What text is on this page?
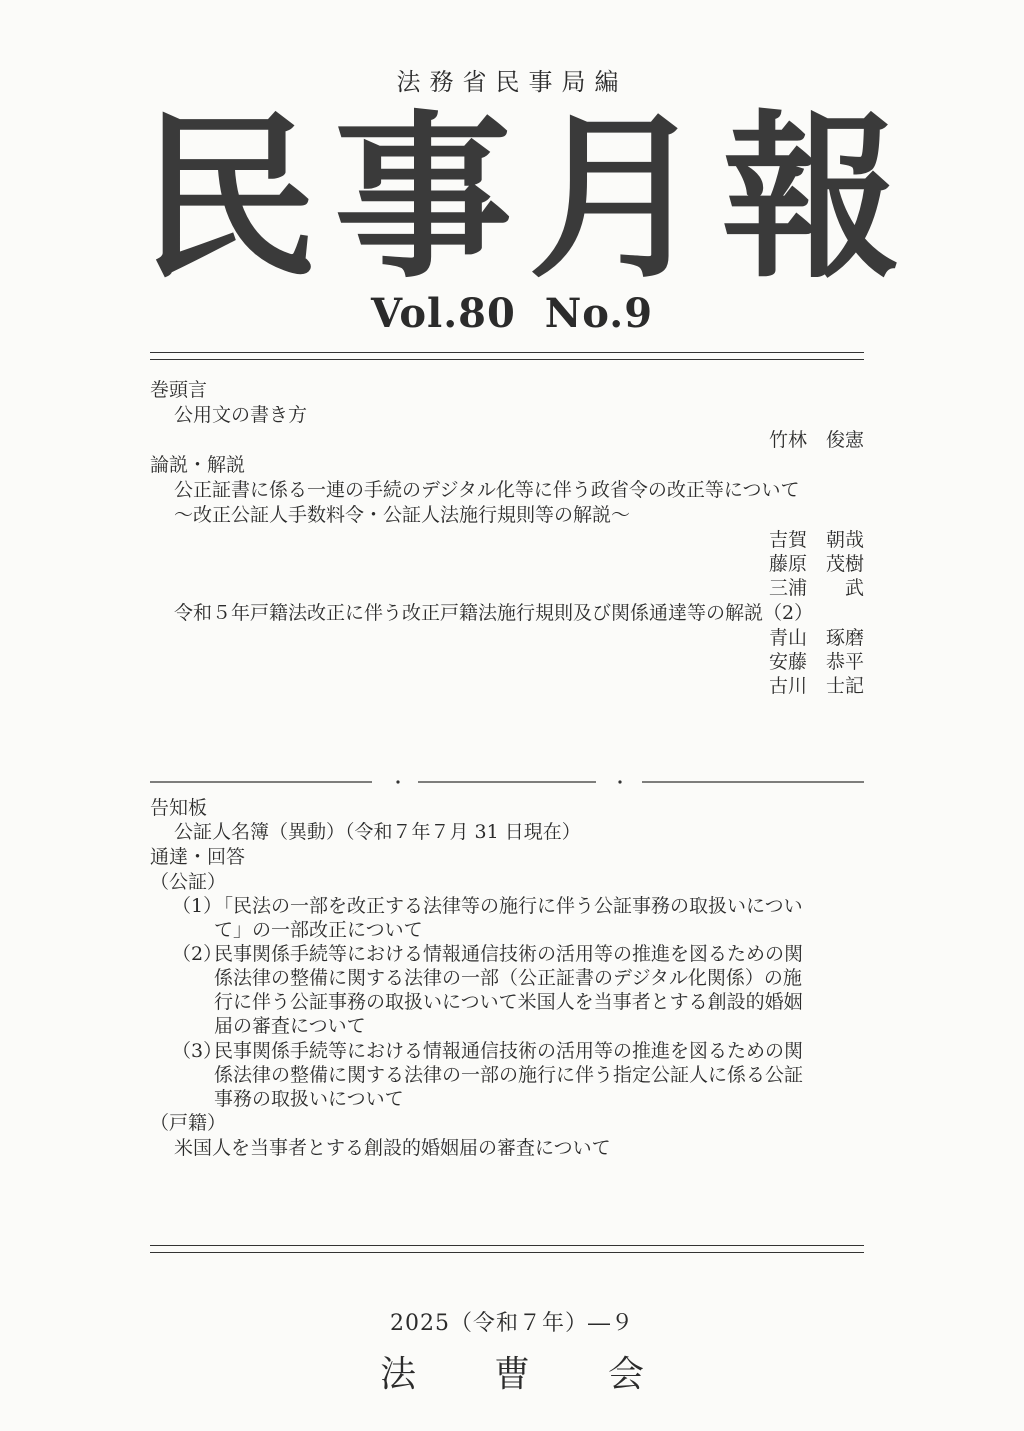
法務省民事局編
民 事 月 報
Vol.80 No.9
巻頭言
公用文の書き方
竹林　俊憲
論説・解説
公正証書に係る一連の手続のデジタル化等に伴う政省令の改正等について
～改正公証人手数料令・公証人法施行規則等の解説～
吉賀　朝哉
藤原　茂樹
三浦　　武
令和５年戸籍法改正に伴う改正戸籍法施行規則及び関係通達等の解説（2）
青山　琢磨
安藤　恭平
古川　士記
告知板
公証人名簿（異動）（令和７年７月 31 日現在）
通達・回答
（公証）
（1）
「民法の一部を改正する法律等の施行に伴う公証事務の取扱いについ
て」の一部改正について
（2）
民事関係手続等における情報通信技術の活用等の推進を図るための関
係法律の整備に関する法律の一部（公正証書のデジタル化関係）の施
行に伴う公証事務の取扱いについて米国人を当事者とする創設的婚姻
届の審査について
（3）
民事関係手続等における情報通信技術の活用等の推進を図るための関
係法律の整備に関する法律の一部の施行に伴う指定公証人に係る公証
事務の取扱いについて
（戸籍）
米国人を当事者とする創設的婚姻届の審査について
2025（令和７年）―９
法 曹 会
